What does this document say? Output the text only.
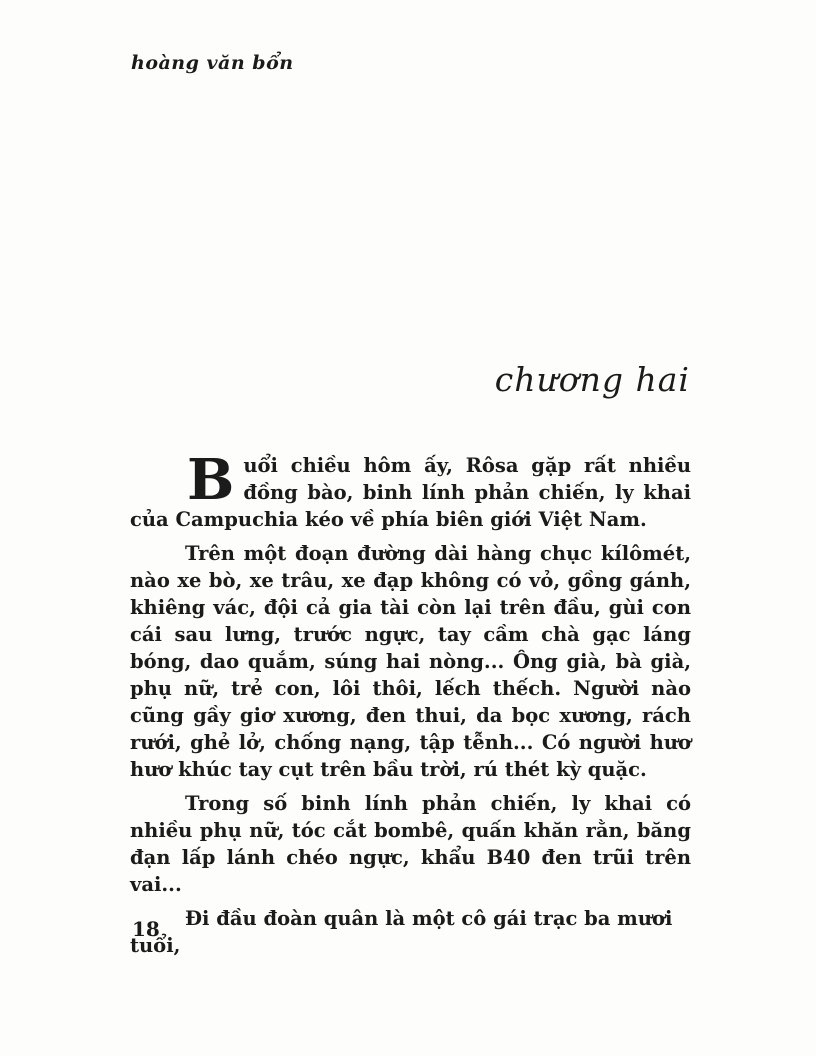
hoàng văn bổn
chương hai

Buổi chiều hôm ấy, Rôsa gặp rất nhiều đồng bào, binh lính phản chiến, ly khai của Campuchia kéo về phía biên giới Việt Nam.

Trên một đoạn đường dài hàng chục kílômét, nào xe bò, xe trâu, xe đạp không có vỏ, gồng gánh, khiêng vác, đội cả gia tài còn lại trên đầu, gùi con cái sau lưng, trước ngực, tay cầm chà gạc láng bóng, dao quắm, súng hai nòng... Ông già, bà già, phụ nữ, trẻ con, lôi thôi, lếch thếch. Người nào cũng gầy giơ xương, đen thui, da bọc xương, rách rưới, ghẻ lở, chống nạng, tập tễnh... Có người hươ hươ khúc tay cụt trên bầu trời, rú thét kỳ quặc.

Trong số binh lính phản chiến, ly khai có nhiều phụ nữ, tóc cắt bombê, quấn khăn rằn, băng đạn lấp lánh chéo ngực, khẩu B40 đen trũi trên vai...

Đi đầu đoàn quân là một cô gái trạc ba mươi tuổi,

18
